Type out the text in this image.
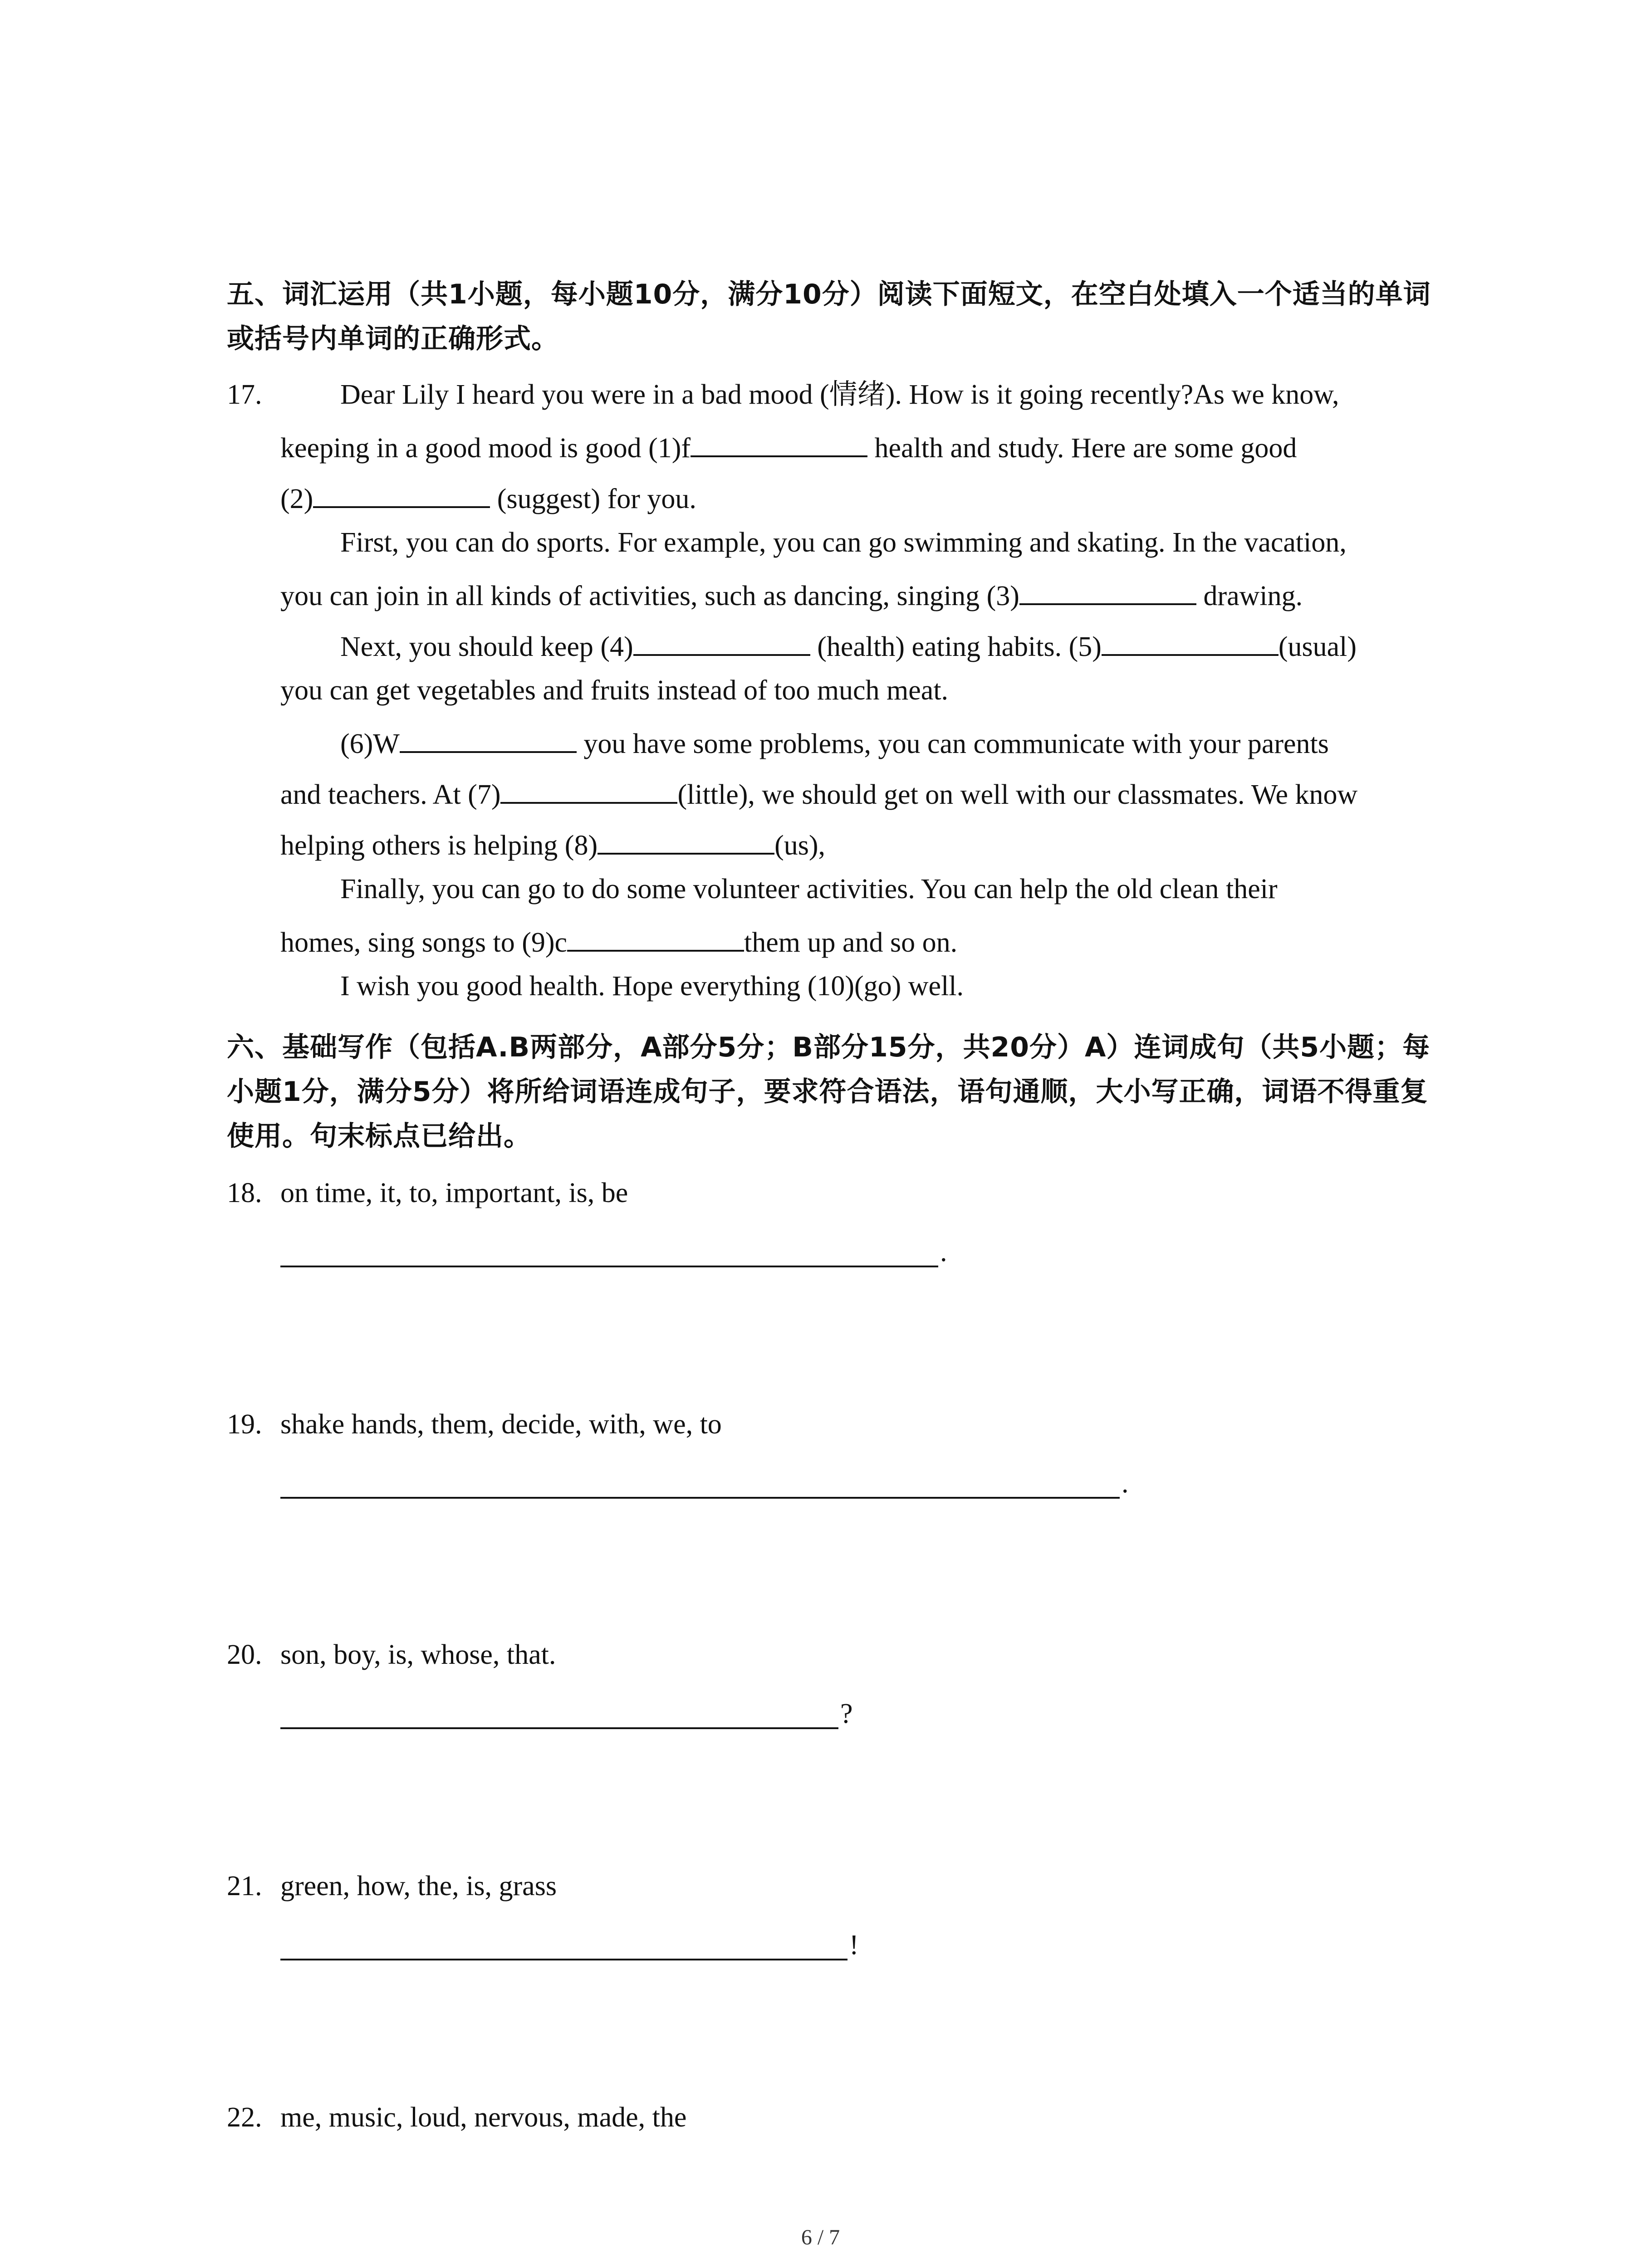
五、词汇运用（共1小题，每小题10分，满分10分）阅读下面短文，在空白处填入一个适当的单词或括号内单词的正确形式。
17.	Dear Lily I heard you were in a bad mood (情绪). How is it going recently?As we know,
keeping in a good mood is good (1)f	health and study. Here are some good
(2)	(suggest) for you.
First, you can do sports. For example, you can go swimming and skating. In the vacation,
you can join in all kinds of activities, such as dancing, singing (3)	drawing.
Next, you should keep (4)	(health) eating habits. (5)	(usual)
you can get vegetables and fruits instead of too much meat.
(6)W	you have some problems, you can communicate with your parents
and teachers. At (7)	(little), we should get on well with our classmates. We know
helping others is helping (8)	(us),
Finally, you can go to do some volunteer activities. You can help the old clean their
homes, sing songs to (9)c	them up and so on.
I wish you good health. Hope everything (10)(go) well.
六、基础写作（包括A.B两部分，A部分5分；B部分15分，共20分）A）连词成句（共5小题；每小题1分，满分5分）将所给词语连成句子，要求符合语法，语句通顺，大小写正确，词语不得重复使用。句末标点已给出。
18. on time, it, to, important, is, be
.
19. shake hands, them, decide, with, we, to
.
20. son, boy, is, whose, that.
?
21. green, how, the, is, grass
!
22. me, music, loud, nervous, made, the
6 / 7
